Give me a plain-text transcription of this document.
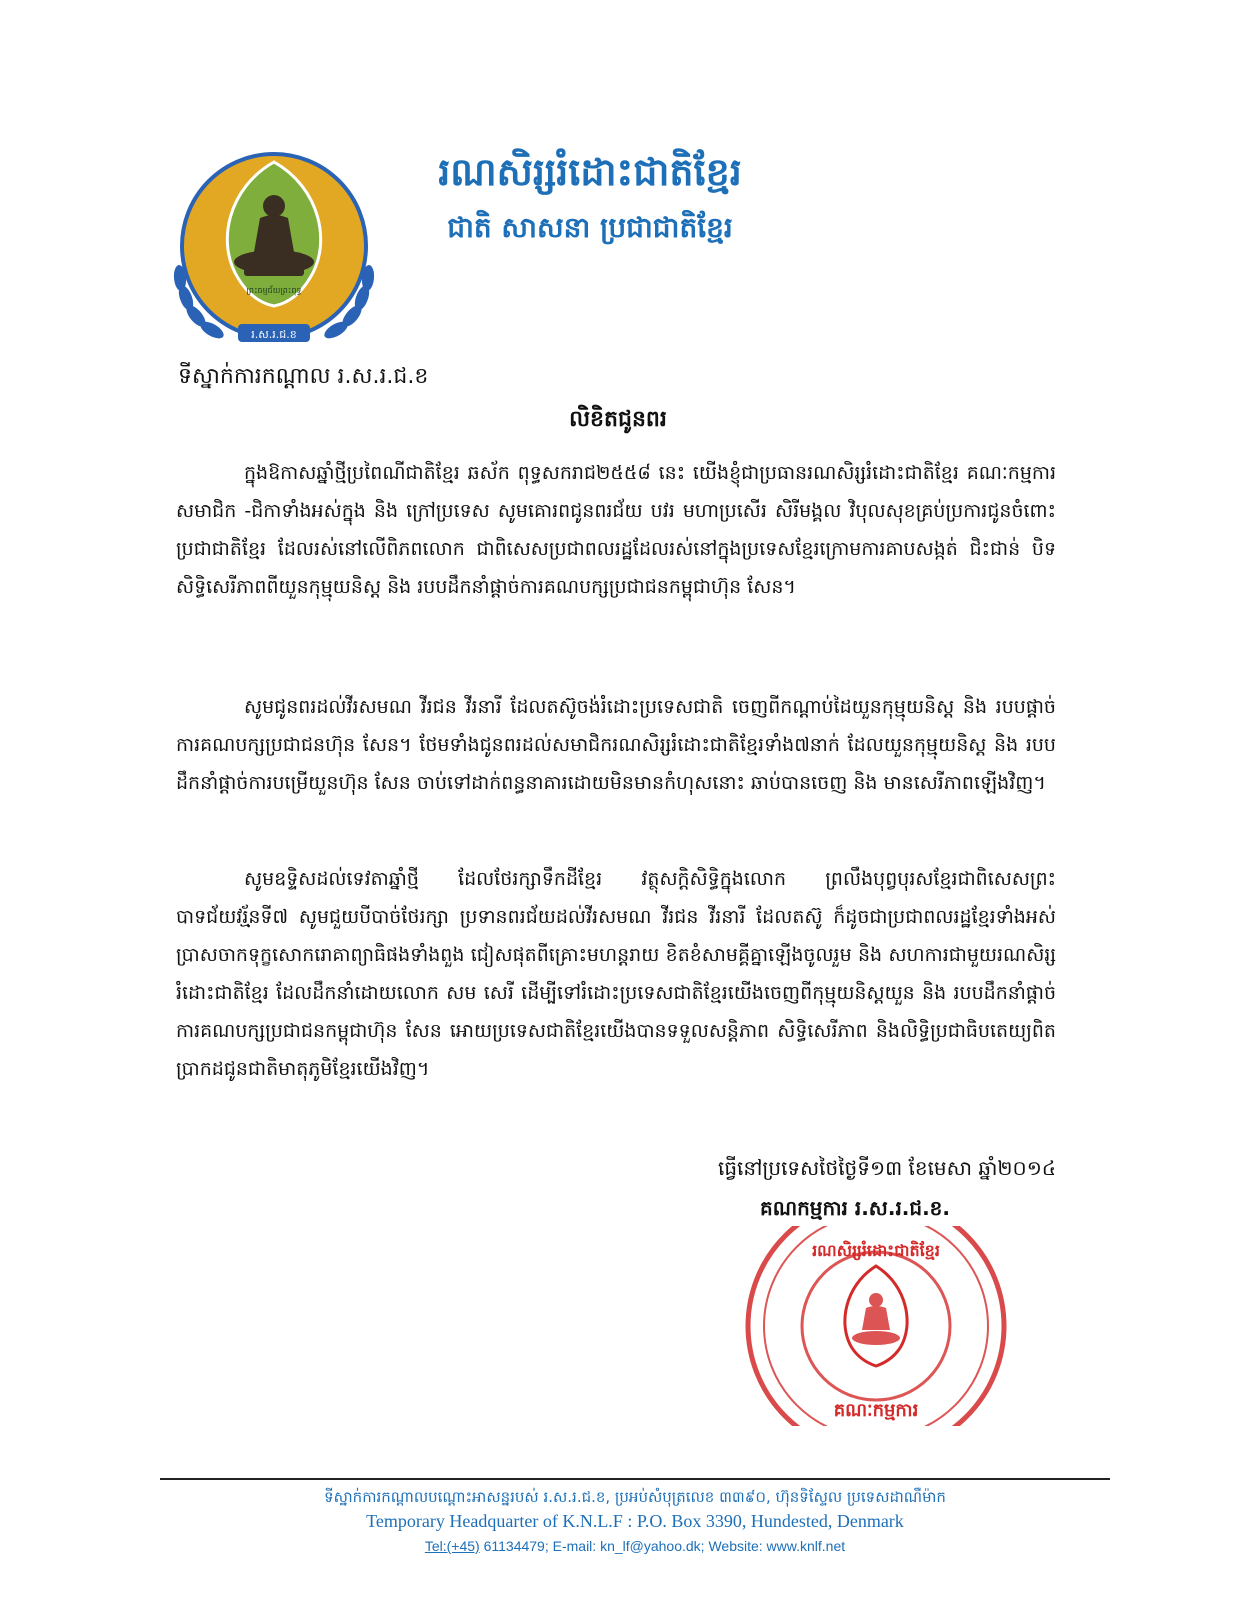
ព្រះធម្មជ័យព្រះពុទ្ធ
រ.ស.រ.ជ.ខ
រណសិរ្សរំដោះជាតិខ្មែរ
ជាតិ សាសនា ប្រជាជាតិខ្មែរ
ទីស្នាក់ការកណ្តាល រ.ស.រ.ជ.ខ
លិខិតជូនពរ

ក្នុងឱកាសឆ្នាំថ្មីប្រពៃណីជាតិខ្មែរ ឆស័ក ពុទ្ធសករាជ២៥៥៨ នេះ យើងខ្ញុំជាប្រធានរណសិរ្សរំដោះជាតិខ្មែរ គណៈកម្មការ សមាជិក -ជិកាទាំងអស់ក្នុង និង ក្រៅប្រទេស សូមគោរពជូនពរជ័យ បវរ មហាប្រសើរ សិរីមង្គល វិបុលសុខគ្រប់ប្រការជូនចំពោះប្រជាជាតិខ្មែរ ដែលរស់នៅលើពិភពលោក ជាពិសេសប្រជាពលរដ្ឋដែលរស់នៅក្នុងប្រទេសខ្មែរក្រោមការគាបសង្កត់ ជិះជាន់ បិទសិទ្ធិសេរីភាពពីយួនកុម្មុយនិស្ត និង របបដឹកនាំផ្តាច់ការគណបក្សប្រជាជនកម្ពុជាហ៊ុន សែន។

សូមជូនពរដល់វីរសមណ វីរជន វីរនារី ដែលតស៊ូចង់រំដោះប្រទេសជាតិ ចេញពីកណ្តាប់ដៃយួនកុម្មុយនិស្ត និង របបផ្តាច់ការគណបក្សប្រជាជនហ៊ុន សែន។ ថែមទាំងជូនពរដល់សមាជិករណសិរ្សរំដោះជាតិខ្មែរទាំង៧នាក់ ដែលយួនកុម្មុយនិស្ត និង របបដឹកនាំផ្តាច់ការបម្រើយួនហ៊ុន សែន ចាប់ទៅដាក់ពន្ធនាគារដោយមិនមានកំហុសនោះ ឆាប់បានចេញ និង មានសេរីភាពឡើងវិញ។

សូមឧទ្ទិសដល់ទេវតាឆ្នាំថ្មី ដែលថែរក្សាទឹកដីខ្មែរ វត្ថុសក្តិសិទ្ធិក្នុងលោក ព្រលឹងបុព្វបុរសខ្មែរជាពិសេសព្រះបាទជ័យវរ្ម័នទី៧ សូមជួយបីបាច់ថែរក្សា ប្រទានពរជ័យដល់វីរសមណ វីរជន វីរនារី ដែលតស៊ូ ក៏ដូចជាប្រជាពលរដ្ឋខ្មែរទាំងអស់ ប្រាសចាកទុក្ខសោករោគាព្យាធិផងទាំងពួង ជៀសផុតពីគ្រោះមហន្តរាយ ខិតខំសាមគ្គីគ្នាឡើងចូលរួម និង សហការជាមួយរណសិរ្សរំដោះជាតិខ្មែរ ដែលដឹកនាំដោយលោក សម សេរី ដើម្បីទៅរំដោះប្រទេសជាតិខ្មែរយើងចេញពីកុម្មុយនិស្តយួន និង របបដឹកនាំផ្តាច់ការគណបក្សប្រជាជនកម្ពុជាហ៊ុន សែន អោយប្រទេសជាតិខ្មែរយើងបានទទួលសន្តិភាព សិទ្ធិសេរីភាព និងលិទ្ធិប្រជាធិបតេយ្យពិតប្រាកដជូនជាតិមាតុភូមិខ្មែរយើងវិញ។

ធ្វើនៅប្រទេសថៃថ្ងៃទី១៣ ខែមេសា ឆ្នាំ២០១៤
គណកម្មការ រ.ស.រ.ជ.ខ.
រណសិរ្សរំដោះជាតិខ្មែរ
គណៈកម្មការ
ទីស្នាក់ការកណ្តាលបណ្តោះអាសន្នរបស់ រ.ស.រ.ជ.ខ, ប្រអប់សំបុត្រលេខ ៣៣៩០, ហ៊ុនទិស្ទែល ប្រទេសដាណឺម៉ាក
Temporary Headquarter of K.N.L.F : P.O. Box 3390, Hundested, Denmark
Tel:(+45) 61134479; E-mail: kn_lf@yahoo.dk; Website: www.knlf.net
